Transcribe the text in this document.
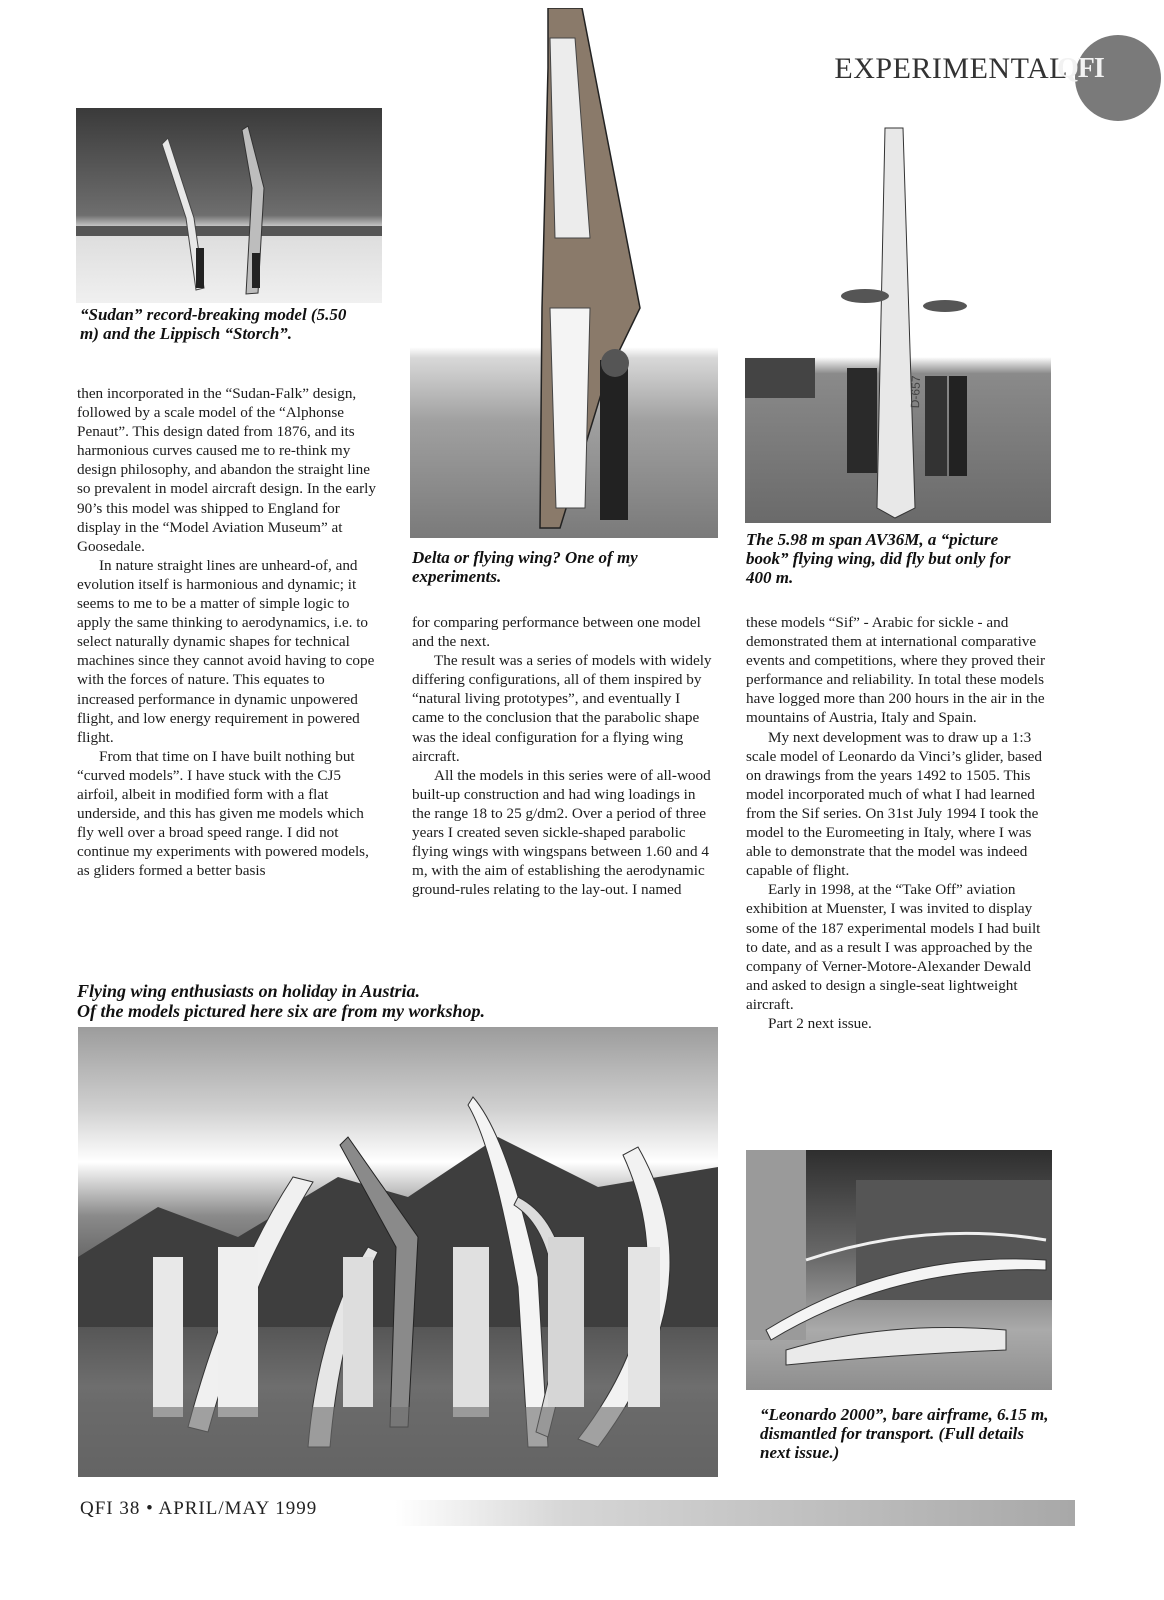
EXPERIMENTAL
QFI
“Sudan” record-breaking model (5.50 m) and the Lippisch “Storch”.
Delta or flying wing? One of my experiments.
D-657
The 5.98 m span AV36M, a “picture book” flying wing, did fly but only for 400 m.

then incorporated in the “Sudan-Falk” design, followed by a scale model of the “Alphonse Penaut”. This design dated from 1876, and its harmonious curves caused me to re-think my design philosophy, and abandon the straight line so prevalent in model aircraft design. In the early 90’s this model was shipped to England for display in the “Model Aviation Museum” at Goosedale.

In nature straight lines are unheard-of, and evolution itself is harmonious and dynamic; it seems to me to be a matter of simple logic to apply the same thinking to aerodynamics, i.e. to select naturally dynamic shapes for technical machines since they cannot avoid having to cope with the forces of nature. This equates to increased performance in dynamic unpowered flight, and low energy requirement in powered flight.

From that time on I have built nothing but “curved models”. I have stuck with the CJ5 airfoil, albeit in modified form with a flat underside, and this has given me models which fly well over a broad speed range. I did not continue my experiments with powered models, as gliders formed a better basis

for comparing performance between one model and the next.

The result was a series of models with widely differing configurations, all of them inspired by “natural living prototypes”, and eventually I came to the conclusion that the parabolic shape was the ideal configuration for a flying wing aircraft.

All the models in this series were of all-wood built-up construction and had wing loadings in the range 18 to 25 g/dm2. Over a period of three years I created seven sickle-shaped parabolic flying wings with wingspans between 1.60 and 4 m, with the aim of establishing the aerodynamic ground-rules relating to the lay-out. I named

these models “Sif” - Arabic for sickle - and demonstrated them at international comparative events and competitions, where they proved their performance and reliability. In total these models have logged more than 200 hours in the air in the mountains of Austria, Italy and Spain.

My next development was to draw up a 1:3 scale model of Leonardo da Vinci’s glider, based on drawings from the years 1492 to 1505. This model incorporated much of what I had learned from the Sif series. On 31st July 1994 I took the model to the Euromeeting in Italy, where I was able to demonstrate that the model was indeed capable of flight.

Early in 1998, at the “Take Off” aviation exhibition at Muenster, I was invited to display some of the 187 experimental models I had built to date, and as a result I was approached by the company of Verner-Motore-Alexander Dewald and asked to design a single-seat lightweight aircraft.

Part 2 next issue.

Flying wing enthusiasts on holiday in Austria.
Of the models pictured here six are from my workshop.
“Leonardo 2000”, bare airframe, 6.15 m, dismantled for transport. (Full details next issue.)
QFI 38 • APRIL/MAY 1999
